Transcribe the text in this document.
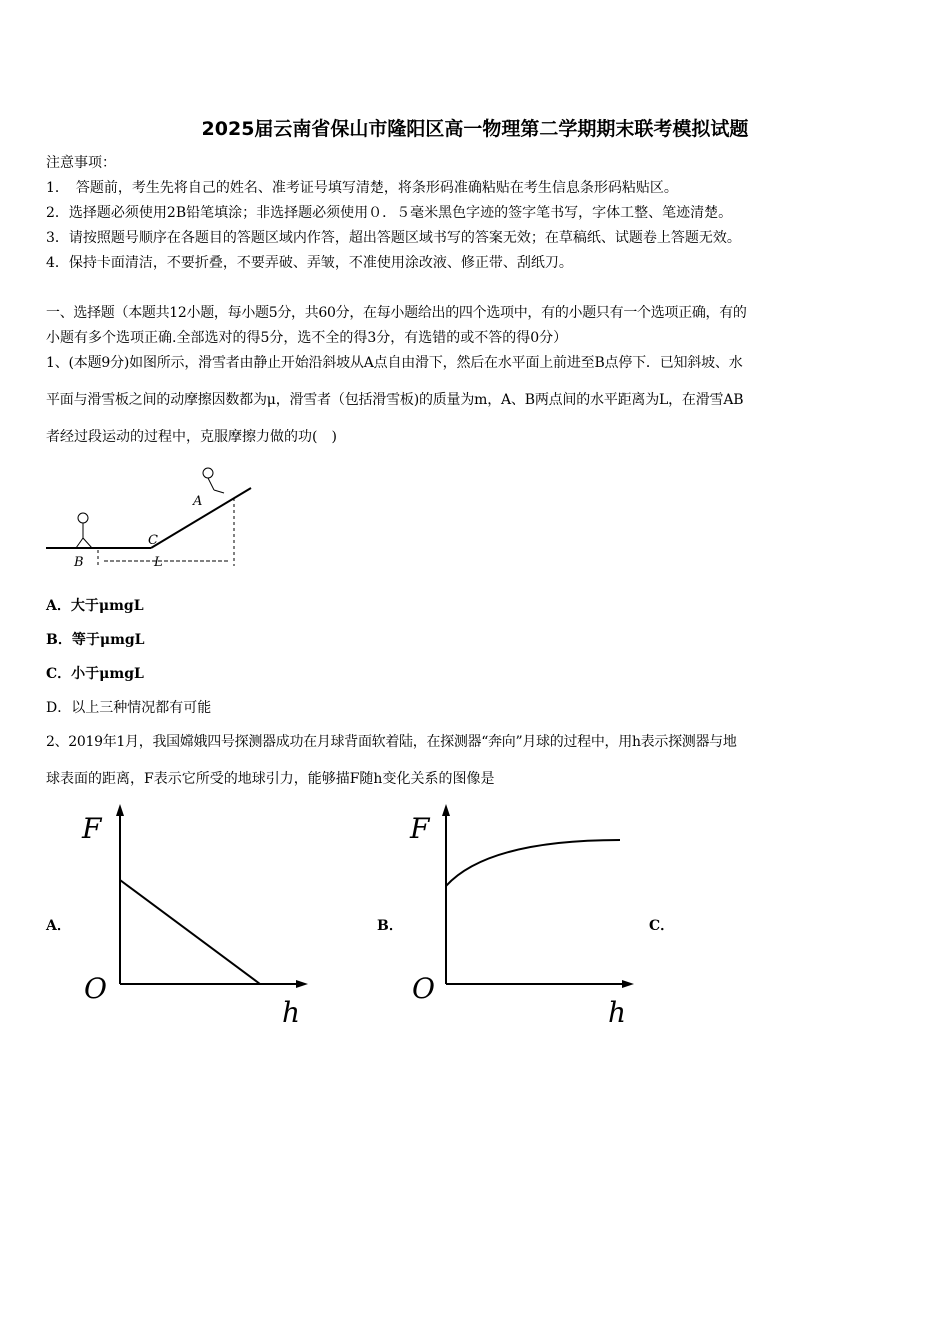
2025届云南省保山市隆阳区高一物理第二学期期末联考模拟试题
注意事项：
1．　答题前，考生先将自己的姓名、准考证号填写清楚，将条形码准确粘贴在考生信息条形码粘贴区。
2．选择题必须使用2B铅笔填涂；非选择题必须使用０．５毫米黑色字迹的签字笔书写，字体工整、笔迹清楚。
3．请按照题号顺序在各题目的答题区域内作答，超出答题区域书写的答案无效；在草稿纸、试题卷上答题无效。
4．保持卡面清洁，不要折叠，不要弄破、弄皱，不准使用涂改液、修正带、刮纸刀。
一、选择题（本题共12小题，每小题5分，共60分，在每小题给出的四个选项中，有的小题只有一个选项正确，有的
小题有多个选项正确.全部选对的得5分，选不全的得3分，有选错的或不答的得0分）
1、(本题9分)如图所示，滑雪者由静止开始沿斜坡从A点自由滑下，然后在水平面上前进至B点停下．已知斜坡、水
平面与滑雪板之间的动摩擦因数都为μ，滑雪者（包括滑雪板)的质量为m，A、B两点间的水平距离为L，在滑雪AB
者经过段运动的过程中，克服摩擦力做的功(　)
B
C
L
A
A．大于μmgL
B．等于μmgL
C．小于μmgL
D．以上三种情况都有可能
2、2019年1月，我国嫦娥四号探测器成功在月球背面软着陆，在探测器“奔向”月球的过程中，用h表示探测器与地
球表面的距离，F表示它所受的地球引力，能够描F随h变化关系的图像是
A．	B．	C．
F
O
h
F
O
h
